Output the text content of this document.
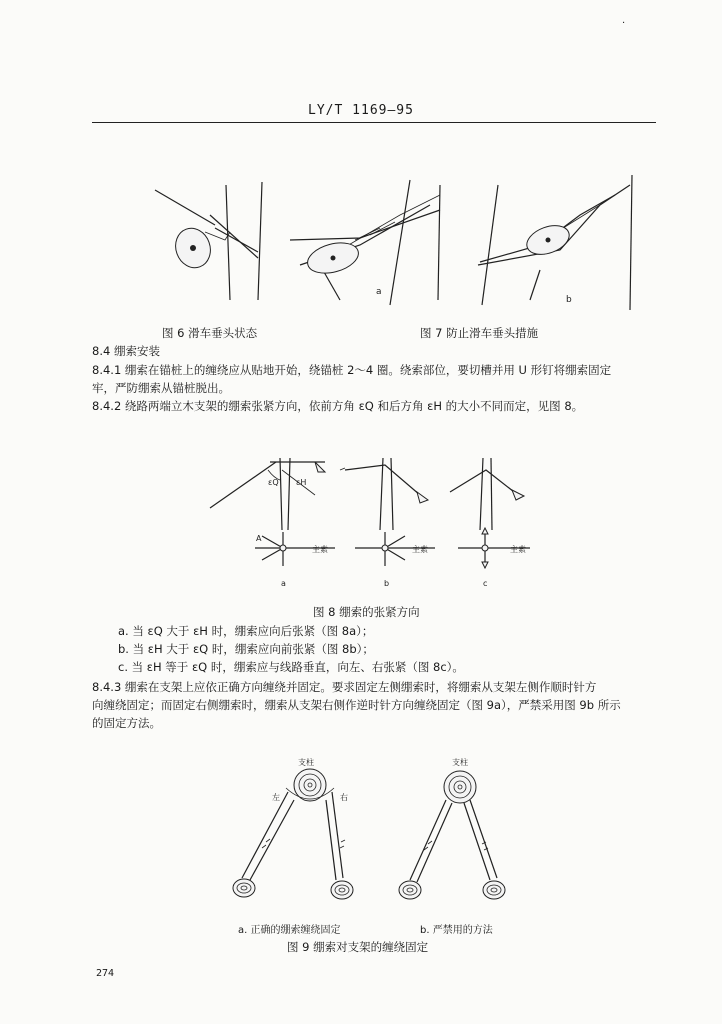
·
LY/T 1169—95
a
b
图 6 滑车垂头状态	图 7 防止滑车垂头措施
8.4 绷索安装
8.4.1 绷索在锚桩上的缠绕应从贴地开始，绕锚桩 2～4 圈。绕索部位，要切槽并用 U 形钉将绷索固定
牢，严防绷索从锚桩脱出。
8.4.2 绕路两端立木支架的绷索张紧方向，依前方角 εQ 和后方角 εH 的大小不同而定，见图 8。
εQ εH
A
主索
a
主索
b
主索
c
图 8 绷索的张紧方向
a. 当 εQ 大于 εH 时，绷索应向后张紧（图 8a）；
b. 当 εH 大于 εQ 时，绷索应向前张紧（图 8b）；
c. 当 εH 等于 εQ 时，绷索应与线路垂直，向左、右张紧（图 8c）。
8.4.3 绷索在支架上应依正确方向缠绕并固定。要求固定左侧绷索时，将绷索从支架左侧作顺时针方
向缠绕固定；而固定右侧绷索时，绷索从支架右侧作逆时针方向缠绕固定（图 9a），严禁采用图 9b 所示
的固定方法。
支柱
左	右
支柱
a. 正确的绷索缠绕固定	b. 严禁用的方法
图 9 绷索对支架的缠绕固定
274
